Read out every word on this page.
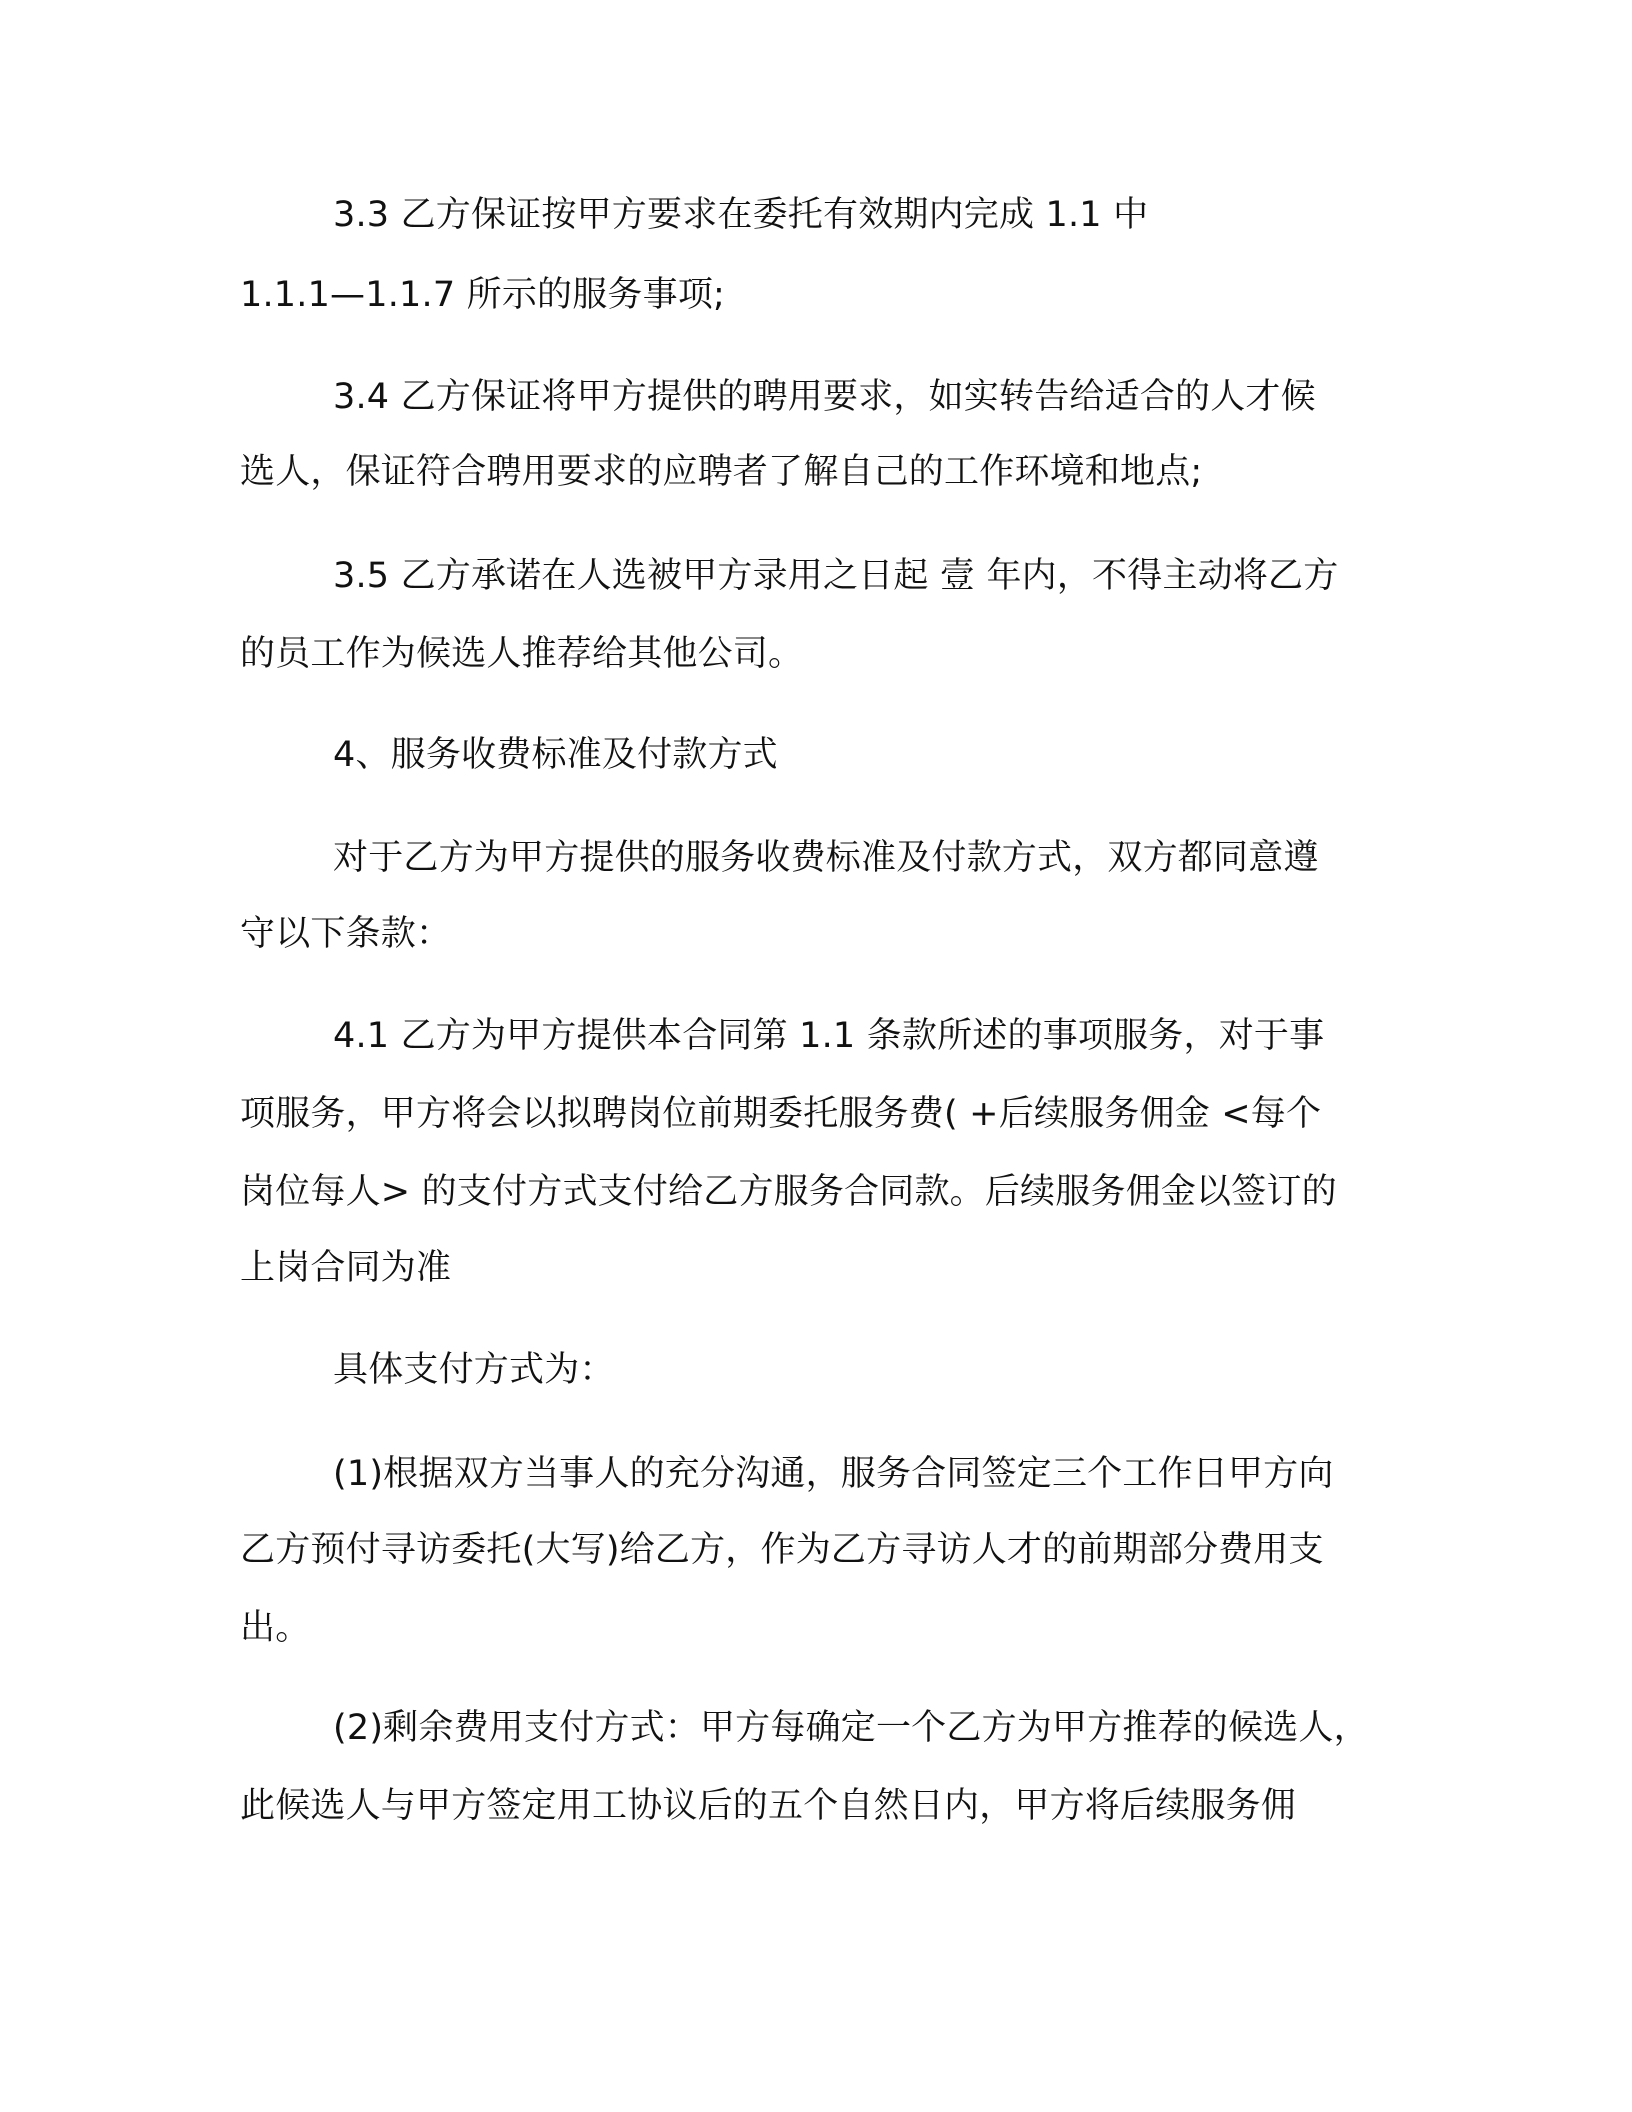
3.3 乙方保证按甲方要求在委托有效期内完成 1.1 中
1.1.1—1.1.7 所示的服务事项;
3.4 乙方保证将甲方提供的聘用要求，如实转告给适合的人才候
选人，保证符合聘用要求的应聘者了解自己的工作环境和地点;
3.5 乙方承诺在人选被甲方录用之日起 壹 年内，不得主动将乙方
的员工作为候选人推荐给其他公司。
4、服务收费标准及付款方式
对于乙方为甲方提供的服务收费标准及付款方式，双方都同意遵
守以下条款：
4.1 乙方为甲方提供本合同第 1.1 条款所述的事项服务，对于事
项服务，甲方将会以拟聘岗位前期委托服务费( +后续服务佣金 <每个
岗位每人> 的支付方式支付给乙方服务合同款。后续服务佣金以签订的
上岗合同为准
具体支付方式为：
(1)根据双方当事人的充分沟通，服务合同签定三个工作日甲方向
乙方预付寻访委托(大写)给乙方，作为乙方寻访人才的前期部分费用支
出。
(2)剩余费用支付方式：甲方每确定一个乙方为甲方推荐的候选人，
此候选人与甲方签定用工协议后的五个自然日内，甲方将后续服务佣
